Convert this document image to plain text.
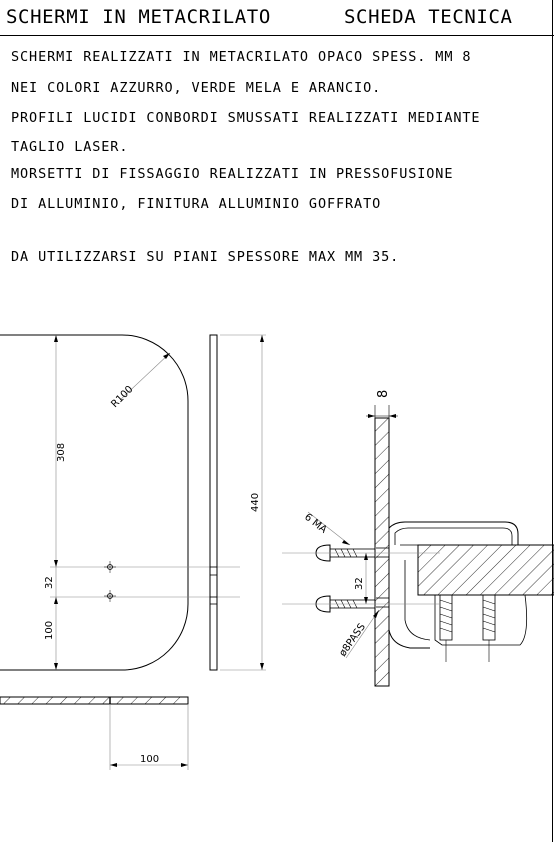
SCHERMI IN METACRILATO	SCHEDA TECNICA
SCHERMI REALIZZATI IN METACRILATO OPACO SPESS. MM 8
NEI COLORI AZZURRO, VERDE MELA E ARANCIO.
PROFILI LUCIDI CONBORDI SMUSSATI REALIZZATI MEDIANTE
TAGLIO LASER.
MORSETTI DI FISSAGGIO REALIZZATI IN PRESSOFUSIONE
DI ALLUMINIO, FINITURA ALLUMINIO GOFFRATO
DA UTILIZZARSI SU PIANI SPESSORE MAX MM 35.
R100
308
32
100
440
100
8
32
6 MA
ø8PASS
